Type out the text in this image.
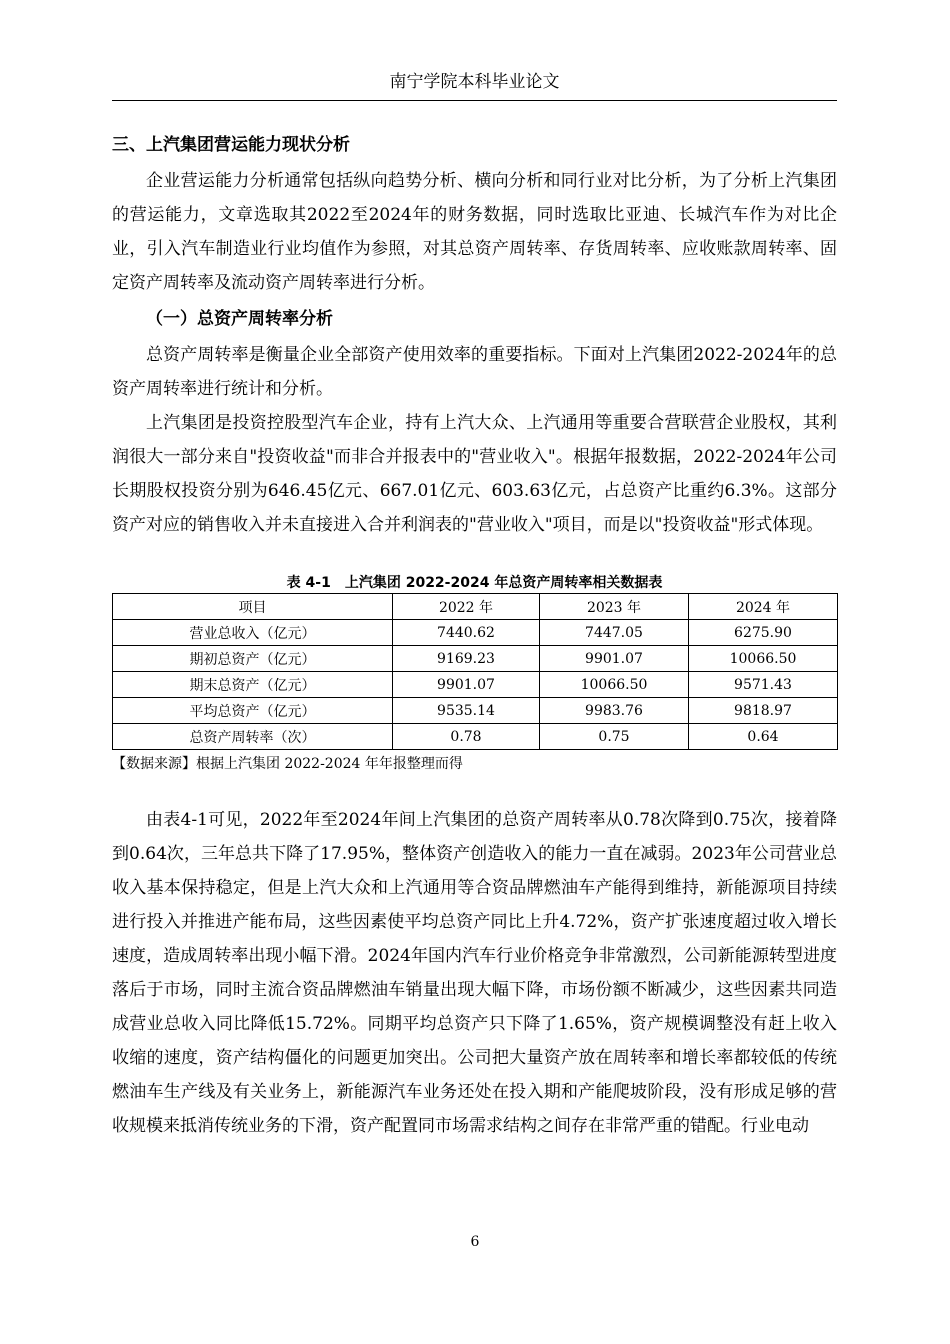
南宁学院本科毕业论文

三、上汽集团营运能力现状分析

企业营运能力分析通常包括纵向趋势分析、横向分析和同行业对比分析，为了分析上汽集团的营运能力，文章选取其2022至2024年的财务数据，同时选取比亚迪、长城汽车作为对比企业，引入汽车制造业行业均值作为参照，对其总资产周转率、存货周转率、应收账款周转率、固定资产周转率及流动资产周转率进行分析。

（一）总资产周转率分析

总资产周转率是衡量企业全部资产使用效率的重要指标。下面对上汽集团2022-2024年的总资产周转率进行统计和分析。

上汽集团是投资控股型汽车企业，持有上汽大众、上汽通用等重要合营联营企业股权，其利润很大一部分来自"投资收益"而非合并报表中的"营业收入"。根据年报数据，2022-2024年公司长期股权投资分别为646.45亿元、667.01亿元、603.63亿元，占总资产比重约6.3%。这部分资产对应的销售收入并未直接进入合并利润表的"营业收入"项目，而是以"投资收益"形式体现。

表 4-1　上汽集团 2022-2024 年总资产周转率相关数据表

项目	2022 年	2023 年	2024 年
营业总收入（亿元）	7440.62	7447.05	6275.90
期初总资产（亿元）	9169.23	9901.07	10066.50
期末总资产（亿元）	9901.07	10066.50	9571.43
平均总资产（亿元）	9535.14	9983.76	9818.97
总资产周转率（次）	0.78	0.75	0.64

【数据来源】根据上汽集团 2022-2024 年年报整理而得

由表4-1可见，2022年至2024年间上汽集团的总资产周转率从0.78次降到0.75次，接着降到0.64次，三年总共下降了17.95%，整体资产创造收入的能力一直在减弱。2023年公司营业总收入基本保持稳定，但是上汽大众和上汽通用等合资品牌燃油车产能得到维持，新能源项目持续进行投入并推进产能布局，这些因素使平均总资产同比上升4.72%，资产扩张速度超过收入增长速度，造成周转率出现小幅下滑。2024年国内汽车行业价格竞争非常激烈，公司新能源转型进度落后于市场，同时主流合资品牌燃油车销量出现大幅下降，市场份额不断减少，这些因素共同造成营业总收入同比降低15.72%。同期平均总资产只下降了1.65%，资产规模调整没有赶上收入收缩的速度，资产结构僵化的问题更加突出。公司把大量资产放在周转率和增长率都较低的传统燃油车生产线及有关业务上，新能源汽车业务还处在投入期和产能爬坡阶段，没有形成足够的营收规模来抵消传统业务的下滑，资产配置同市场需求结构之间存在非常严重的错配。行业电动

6
